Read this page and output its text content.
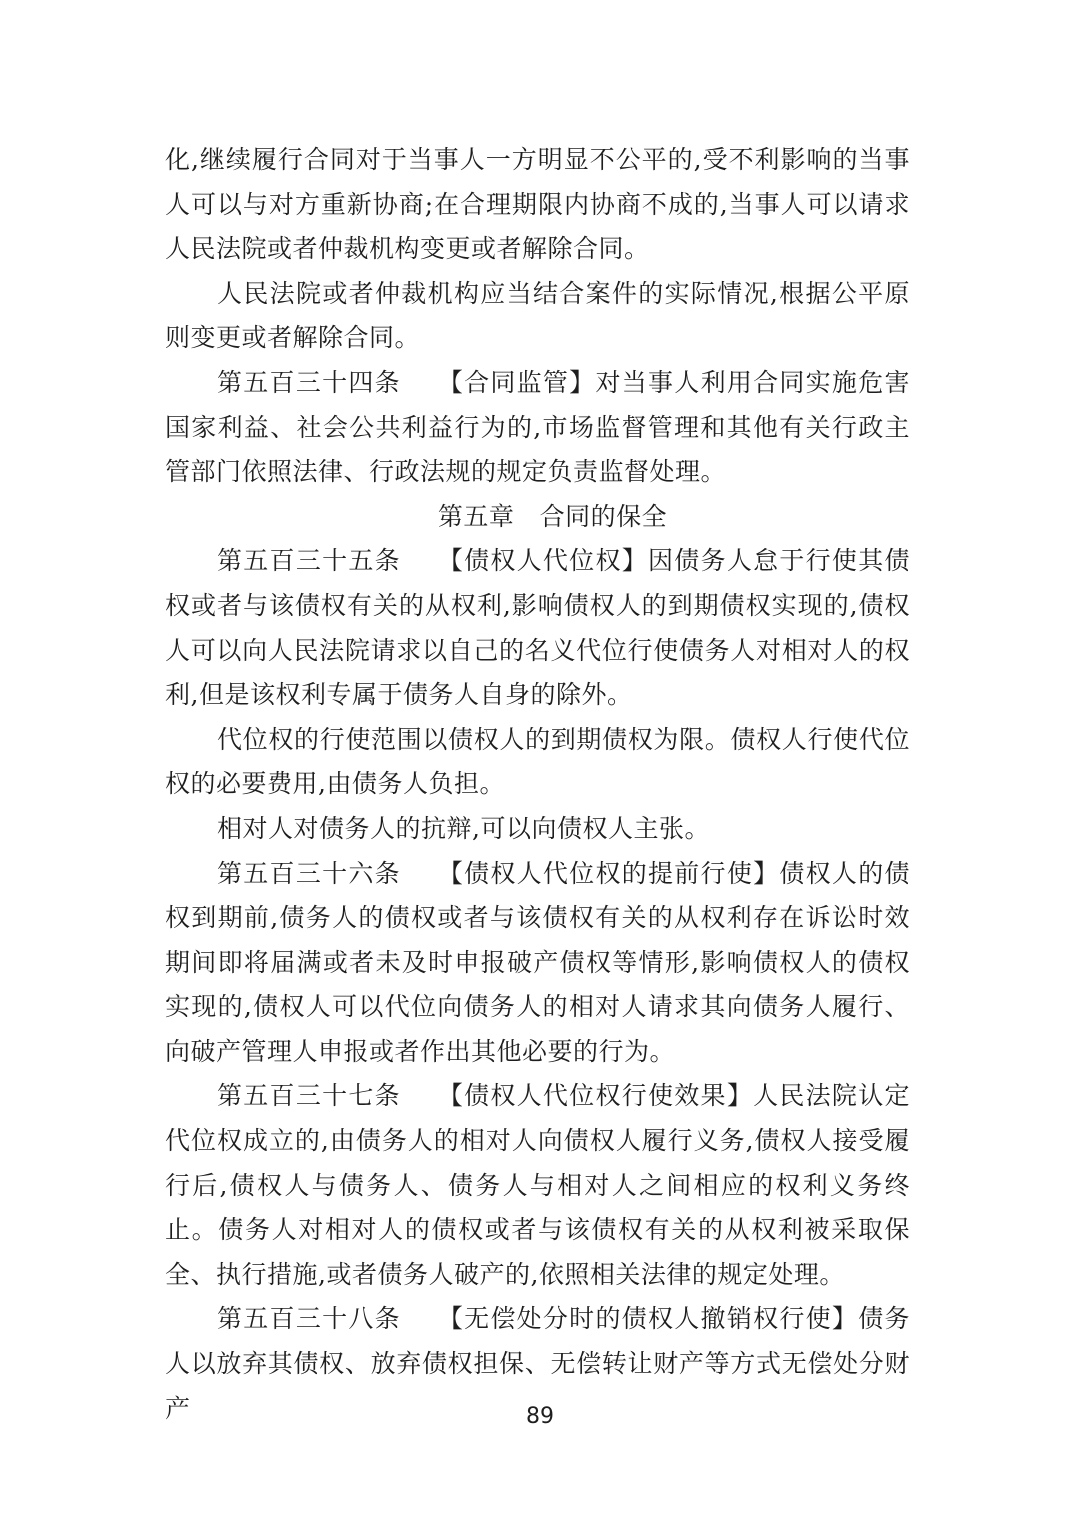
化,继续履行合同对于当事人一方明显不公平的,受不利影响的当事人可以与对方重新协商;在合理期限内协商不成的,当事人可以请求人民法院或者仲裁机构变更或者解除合同。

人民法院或者仲裁机构应当结合案件的实际情况,根据公平原则变更或者解除合同。

第五百三十四条 【合同监管】对当事人利用合同实施危害国家利益、社会公共利益行为的,市场监督管理和其他有关行政主管部门依照法律、行政法规的规定负责监督处理。

第五章 合同的保全

第五百三十五条 【债权人代位权】因债务人怠于行使其债权或者与该债权有关的从权利,影响债权人的到期债权实现的,债权人可以向人民法院请求以自己的名义代位行使债务人对相对人的权利,但是该权利专属于债务人自身的除外。

代位权的行使范围以债权人的到期债权为限。债权人行使代位权的必要费用,由债务人负担。

相对人对债务人的抗辩,可以向债权人主张。

第五百三十六条 【债权人代位权的提前行使】债权人的债权到期前,债务人的债权或者与该债权有关的从权利存在诉讼时效期间即将届满或者未及时申报破产债权等情形,影响债权人的债权实现的,债权人可以代位向债务人的相对人请求其向债务人履行、向破产管理人申报或者作出其他必要的行为。

第五百三十七条 【债权人代位权行使效果】人民法院认定代位权成立的,由债务人的相对人向债权人履行义务,债权人接受履行后,债权人与债务人、债务人与相对人之间相应的权利义务终止。债务人对相对人的债权或者与该债权有关的从权利被采取保全、执行措施,或者债务人破产的,依照相关法律的规定处理。

第五百三十八条 【无偿处分时的债权人撤销权行使】债务人以放弃其债权、放弃债权担保、无偿转让财产等方式无偿处分财产	89
